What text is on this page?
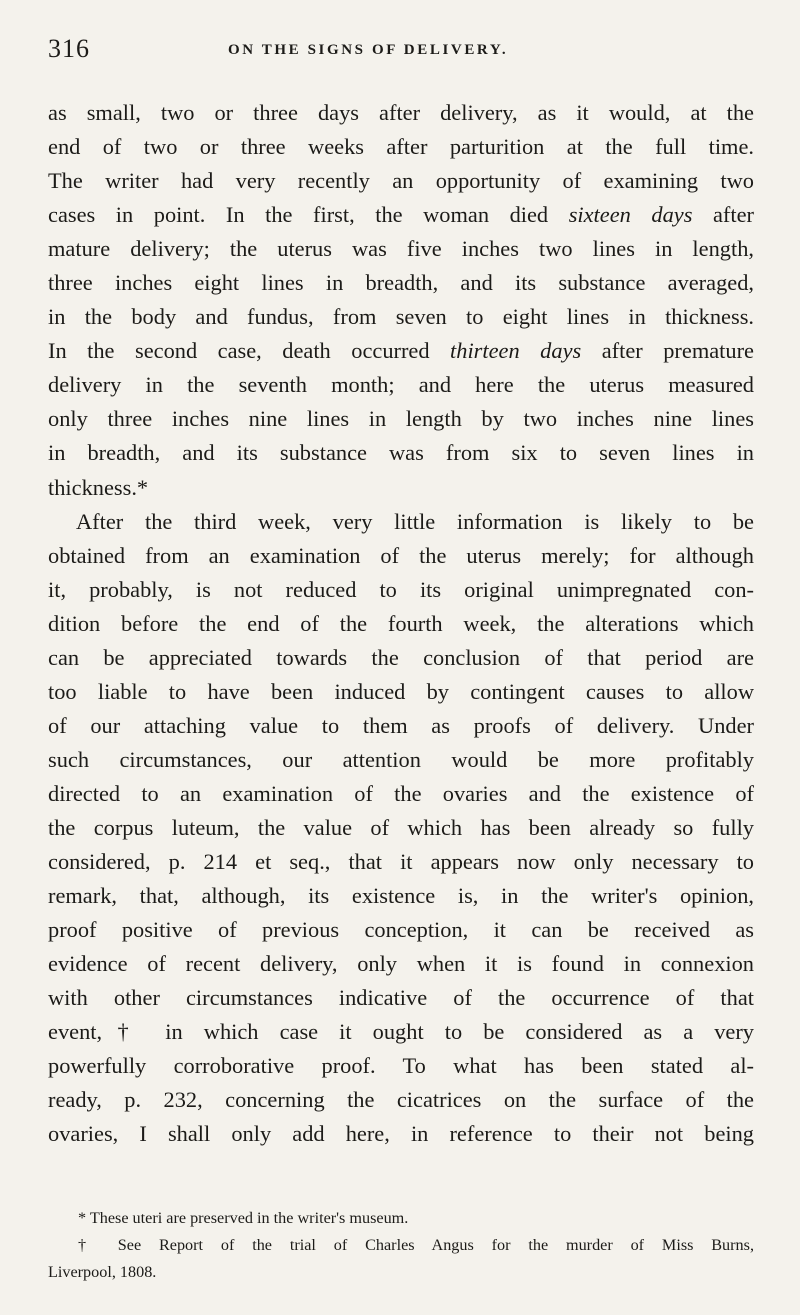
316	ON THE SIGNS OF DELIVERY.
as small, two or three days after delivery, as it would, at the
end of two or three weeks after parturition at the full time.
The writer had very recently an opportunity of examining two
cases in point. In the first, the woman died sixteen days after
mature delivery; the uterus was five inches two lines in length,
three inches eight lines in breadth, and its substance averaged,
in the body and fundus, from seven to eight lines in thickness.
In the second case, death occurred thirteen days after premature
delivery in the seventh month; and here the uterus measured
only three inches nine lines in length by two inches nine lines
in breadth, and its substance was from six to seven lines in
thickness.*
After the third week, very little information is likely to be
obtained from an examination of the uterus merely; for although
it, probably, is not reduced to its original unimpregnated con-
dition before the end of the fourth week, the alterations which
can be appreciated towards the conclusion of that period are
too liable to have been induced by contingent causes to allow
of our attaching value to them as proofs of delivery. Under
such circumstances, our attention would be more profitably
directed to an examination of the ovaries and the existence of
the corpus luteum, the value of which has been already so fully
considered, p. 214 et seq., that it appears now only necessary to
remark, that, although, its existence is, in the writer's opinion,
proof positive of previous conception, it can be received as
evidence of recent delivery, only when it is found in connexion
with other circumstances indicative of the occurrence of that
event,† in which case it ought to be considered as a very
powerfully corroborative proof. To what has been stated al-
ready, p. 232, concerning the cicatrices on the surface of the
ovaries, I shall only add here, in reference to their not being
* These uteri are preserved in the writer's museum.
† See Report of the trial of Charles Angus for the murder of Miss Burns,
Liverpool, 1808.
